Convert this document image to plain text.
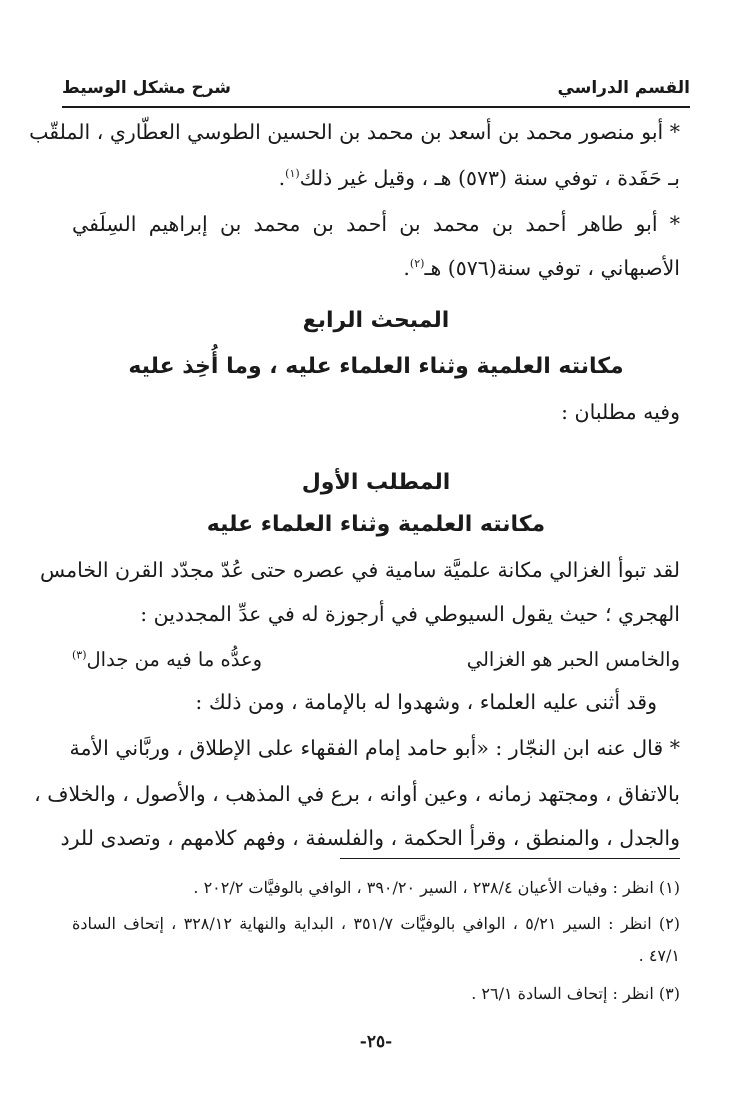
القسم الدراسي
شرح مشكل الوسيط
* أبو منصور محمد بن أسعد بن محمد بن الحسين الطوسي العطّاري ، الملقّب
بـ حَفَدة ، توفي سنة (٥٧٣) هـ ، وقيل غير ذلك$^{(١)}$.
* أبو طاهر أحمد بن محمد بن أحمد بن محمد بن إبراهيم السِلَفي
الأصبهاني ، توفي سنة(٥٧٦) هـ$^{(٢)}$.
المبحث الرابع
مكانته العلمية وثناء العلماء عليه ، وما أُخِذ عليه
وفيه مطلبان :
المطلب الأول
مكانته العلمية وثناء العلماء عليه
لقد تبوأ الغزالي مكانة علميَّة سامية في عصره حتى عُدّ مجدّد القرن الخامس
الهجري ؛ حيث يقول السيوطي في أرجوزة له في عدِّ المجددين :
والخامس الحبر هو الغزالي
وعدُّه ما فيه من جدال$^{(٣)}$
وقد أثنى عليه العلماء ، وشهدوا له بالإمامة ، ومن ذلك :
* قال عنه ابن النجّار : «أبو حامد إمام الفقهاء على الإطلاق ، وربَّاني الأمة
بالاتفاق ، ومجتهد زمانه ، وعين أوانه ، برع في المذهب ، والأصول ، والخلاف ،
والجدل ، والمنطق ، وقرأ الحكمة ، والفلسفة ، وفهم كلامهم ، وتصدى للرد
(١) انظر : وفيات الأعيان ٢٣٨/٤ ، السير ٣٩٠/٢٠ ، الوافي بالوفيَّات ٢٠٢/٢ .
(٢) انظر : السير ٥/٢١ ، الوافي بالوفيَّات ٣٥١/٧ ، البداية والنهاية ٣٢٨/١٢ ، إتحاف السادة
٤٧/١ .
(٣) انظر : إتحاف السادة ٢٦/١ .
-٢٥-
